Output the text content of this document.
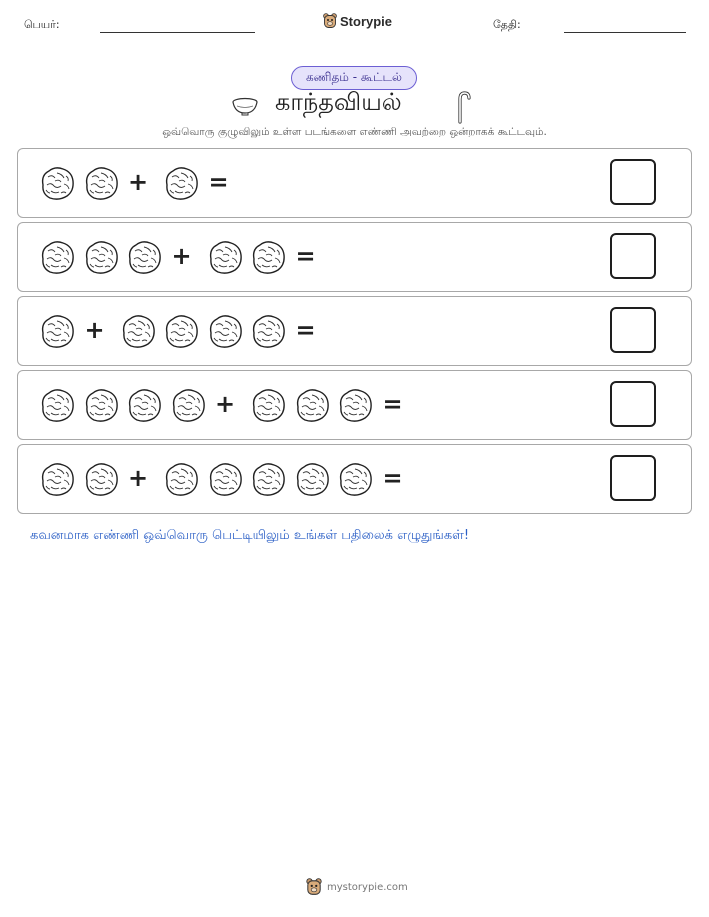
பெயர்:	Storypie	தேதி:
கணிதம் - கூட்டல்
காந்தவியல்
ஒவ்வொரு குழுவிலும் உள்ள படங்களை எண்ணி அவற்றை ஒன்றாகக் கூட்டவும்.
+	=
+	=
+	=
+	=
+	=
கவனமாக எண்ணி ஒவ்வொரு பெட்டியிலும் உங்கள் பதிலைக் எழுதுங்கள்!
mystorypie.com
